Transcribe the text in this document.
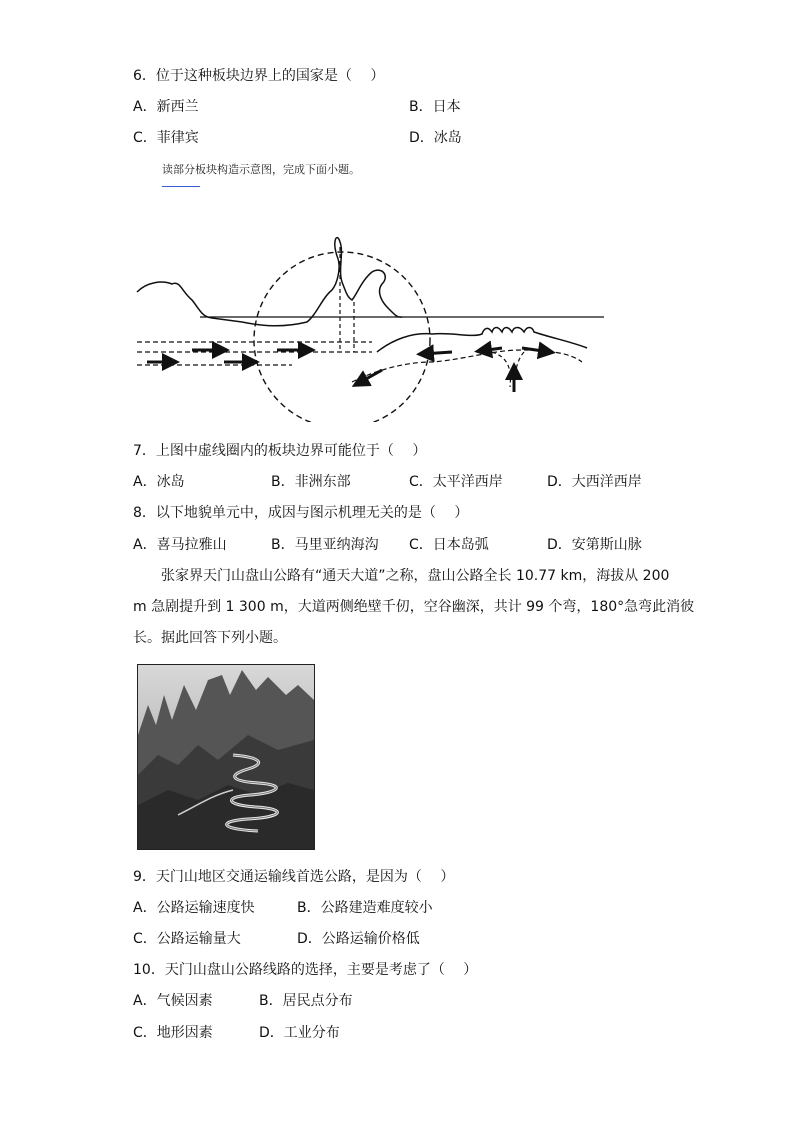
6．位于这种板块边界上的国家是（　 ）
A．新西兰	B．日本
C．菲律宾	D．冰岛
读部分板块构造示意图，完成下面小题。
7．上图中虚线圈内的板块边界可能位于（　 ）
A．冰岛	B．非洲东部	C．太平洋西岸	D．大西洋西岸
8．以下地貌单元中，成因与图示机理无关的是（　 ）
A．喜马拉雅山	B．马里亚纳海沟 C．日本岛弧	D．安第斯山脉
张家界天门山盘山公路有“通天大道”之称，盘山公路全长 10.77 km，海拔从 200
m 急剧提升到 1 300 m，大道两侧绝壁千仞，空谷幽深，共计 99 个弯，180°急弯此消彼
长。据此回答下列小题。
9．天门山地区交通运输线首选公路，是因为（　 ）
A．公路运输速度快	B．公路建造难度较小
C．公路运输量大	D．公路运输价格低
10．天门山盘山公路线路的选择，主要是考虑了（　 ）
A．气候因素	B．居民点分布
C．地形因素	D．工业分布
